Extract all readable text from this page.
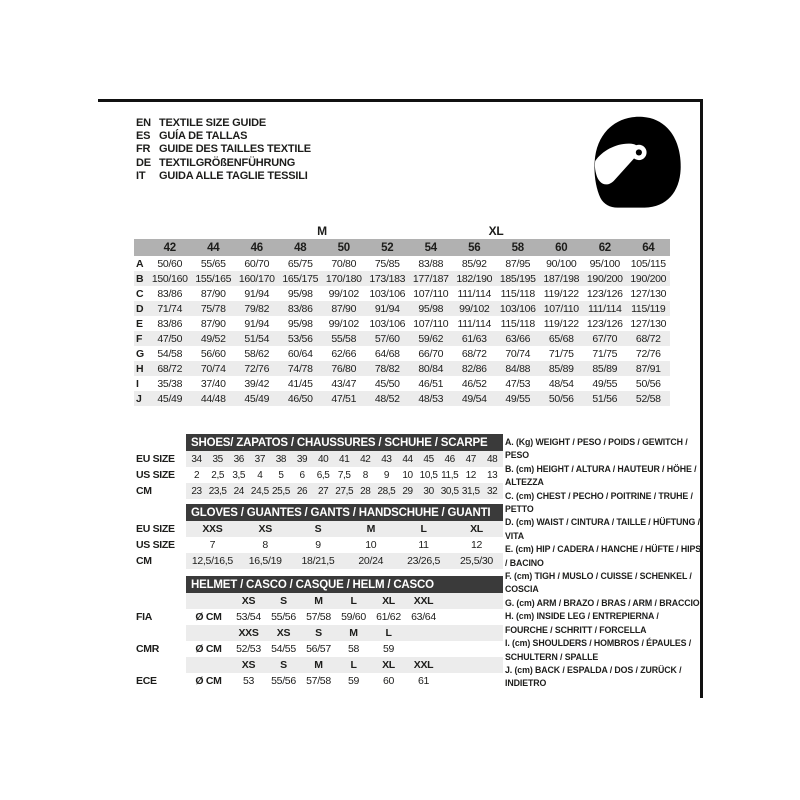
EN TEXTILE SIZE GUIDE
ES GUÍA DE TALLAS
FR GUIDE DES TAILLES TEXTILE
DE TEXTILGRÖßENFÜHRUNG
IT	GUIDA ALLE TAGLIE TESSILI
		S		M		L		XL		XXL		
	42	44	46	48	50	52	54	56	58	60	62	64
A	50/60	55/65	60/70	65/75	70/80	75/85	83/88	85/92	87/95	90/100	95/100	105/115
B	150/160	155/165	160/170	165/175	170/180	173/183	177/187	182/190	185/195	187/198	190/200	190/200
C	83/86	87/90	91/94	95/98	99/102	103/106	107/110	111/114	115/118	119/122	123/126	127/130
D	71/74	75/78	79/82	83/86	87/90	91/94	95/98	99/102	103/106	107/110	111/114	115/119
E	83/86	87/90	91/94	95/98	99/102	103/106	107/110	111/114	115/118	119/122	123/126	127/130
F	47/50	49/52	51/54	53/56	55/58	57/60	59/62	61/63	63/66	65/68	67/70	68/72
G	54/58	56/60	58/62	60/64	62/66	64/68	66/70	68/72	70/74	71/75	71/75	72/76
H	68/72	70/74	72/76	74/78	76/80	78/82	80/84	82/86	84/88	85/89	85/89	87/91
I	35/38	37/40	39/42	41/45	43/47	45/50	46/51	46/52	47/53	48/54	49/55	50/56
J	45/49	44/48	45/49	46/50	47/51	48/52	48/53	49/54	49/55	50/56	51/56	52/58
	SHOES/ ZAPATOS / CHAUSSURES / SCHUHE / SCARPE														
EU SIZE	34	35	36	37	38	39	40	41	42	43	44	45	46	47	48
US SIZE	2	2,5	3,5	4	5	6	6,5	7,5	8	9	10	10,5	11,5	12	13
CM	23	23,5	24	24,5	25,5	26	27	27,5	28	28,5	29	30	30,5	31,5	32
	GLOVES / GUANTES / GANTS / HANDSCHUHE / GUANTI					
EU SIZE	XXS	XS	S	M	L	XL
US SIZE	7	8	9	10	11	12
CM	12,5/16,5	16,5/19	18/21,5	20/24	23/26,5	25,5/30
	HELMET / CASCO / CASQUE / HELM / CASCO							
		XS	S	M	L	XL	XXL	
FIA	Ø CM	53/54	55/56	57/58	59/60	61/62	63/64	
		XXS	XS	S	M	L		
CMR	Ø CM	52/53	54/55	56/57	58	59		
		XS	S	M	L	XL	XXL	
ECE	Ø CM	53	55/56	57/58	59	60	61	
A. (Kg) WEIGHT / PESO / POIDS / GEWITCH / PESO
B. (cm) HEIGHT / ALTURA / HAUTEUR / HÖHE / ALTEZZA
C. (cm) CHEST / PECHO / POITRINE / TRUHE / PETTO
D. (cm) WAIST / CINTURA / TAILLE / HÜFTUNG / VITA
E. (cm) HIP / CADERA / HANCHE / HÜFTE / HIPS / BACINO
F. (cm) TIGH / MUSLO / CUISSE / SCHENKEL / COSCIA
G. (cm) ARM / BRAZO / BRAS / ARM / BRACCIO
H. (cm) INSIDE LEG / ENTREPIERNA / FOURCHE / SCHRITT / FORCELLA
I. (cm) SHOULDERS / HOMBROS / ÉPAULES / SCHULTERN / SPALLE
J. (cm) BACK / ESPALDA / DOS / ZURÜCK / INDIETRO
